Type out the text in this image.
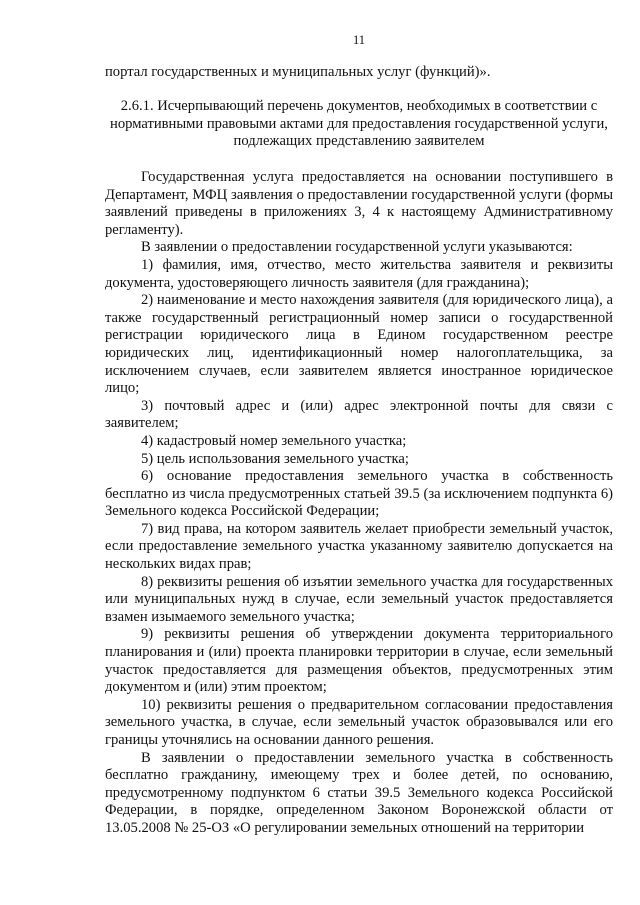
11

портал государственных и муниципальных услуг (функций)».

2.6.1. Исчерпывающий перечень документов, необходимых в соответствии с нормативными правовыми актами для предоставления государственной услуги, подлежащих представлению заявителем

Государственная услуга предоставляется на основании поступившего в Департамент, МФЦ заявления о предоставлении государственной услуги (формы заявлений приведены в приложениях 3, 4 к настоящему Административному регламенту).

В заявлении о предоставлении государственной услуги указываются:

1) фамилия, имя, отчество, место жительства заявителя и реквизиты документа, удостоверяющего личность заявителя (для гражданина);

2) наименование и место нахождения заявителя (для юридического лица), а также государственный регистрационный номер записи о государственной регистрации юридического лица в Едином государственном реестре юридических лиц, идентификационный номер налогоплательщика, за исключением случаев, если заявителем является иностранное юридическое лицо;

3) почтовый адрес и (или) адрес электронной почты для связи с заявителем;

4) кадастровый номер земельного участка;

5) цель использования земельного участка;

6) основание предоставления земельного участка в собственность бесплатно из числа предусмотренных статьей 39.5 (за исключением подпункта 6) Земельного кодекса Российской Федерации;

7) вид права, на котором заявитель желает приобрести земельный участок, если предоставление земельного участка указанному заявителю допускается на нескольких видах прав;

8) реквизиты решения об изъятии земельного участка для государственных или муниципальных нужд в случае, если земельный участок предоставляется взамен изымаемого земельного участка;

9) реквизиты решения об утверждении документа территориального планирования и (или) проекта планировки территории в случае, если земельный участок предоставляется для размещения объектов, предусмотренных этим документом и (или) этим проектом;

10) реквизиты решения о предварительном согласовании предоставления земельного участка, в случае, если земельный участок образовывался или его границы уточнялись на основании данного решения.

В заявлении о предоставлении земельного участка в собственность бесплатно гражданину, имеющему трех и более детей, по основанию, предусмотренному подпунктом 6 статьи 39.5 Земельного кодекса Российской Федерации, в порядке, определенном Законом Воронежской области от 13.05.2008 № 25-ОЗ «О регулировании земельных отношений на территории
